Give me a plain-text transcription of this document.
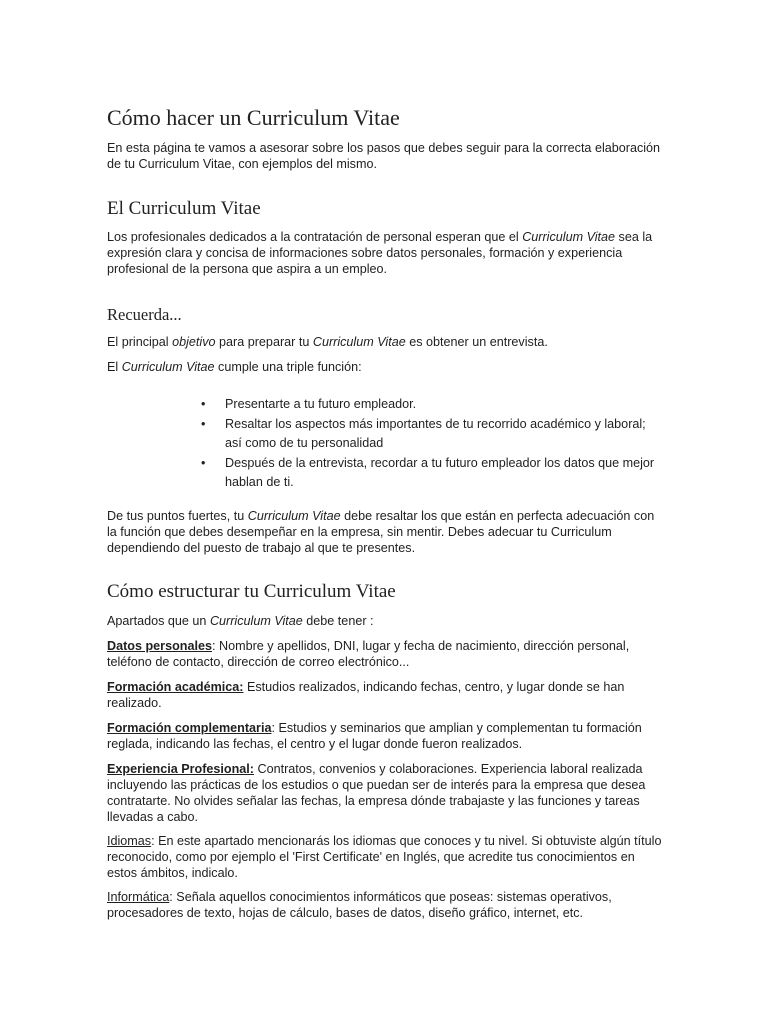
Cómo hacer un Curriculum Vitae

En esta página te vamos a asesorar sobre los pasos que debes seguir para la correcta elaboración de tu Curriculum Vitae, con ejemplos del mismo.

El Curriculum Vitae

Los profesionales dedicados a la contratación de personal esperan que el Curriculum Vitae sea la expresión clara y concisa de informaciones sobre datos personales, formación y experiencia profesional de la persona que aspira a un empleo.

Recuerda...

El principal objetivo para preparar tu Curriculum Vitae es obtener un entrevista.

El Curriculum Vitae cumple una triple función:

• Presentarte a tu futuro empleador.
• Resaltar los aspectos más importantes de tu recorrido académico y laboral; así como de tu personalidad
• Después de la entrevista, recordar a tu futuro empleador los datos que mejor hablan de ti.

De tus puntos fuertes, tu Curriculum Vitae debe resaltar los que están en perfecta adecuación con la función que debes desempeñar en la empresa, sin mentir. Debes adecuar tu Curriculum dependiendo del puesto de trabajo al que te presentes.

Cómo estructurar tu Curriculum Vitae

Apartados que un Curriculum Vitae debe tener :

Datos personales: Nombre y apellidos, DNI, lugar y fecha de nacimiento, dirección personal, teléfono de contacto, dirección de correo electrónico...

Formación académica: Estudios realizados, indicando fechas, centro, y lugar donde se han realizado.

Formación complementaria: Estudios y seminarios que amplian y complementan tu formación reglada, indicando las fechas, el centro y el lugar donde fueron realizados.

Experiencia Profesional: Contratos, convenios y colaboraciones. Experiencia laboral realizada incluyendo las prácticas de los estudios o que puedan ser de interés para la empresa que desea contratarte. No olvides señalar las fechas, la empresa dónde trabajaste y las funciones y tareas llevadas a cabo.

Idiomas: En este apartado mencionarás los idiomas que conoces y tu nivel. Si obtuviste algún título reconocido, como por ejemplo el 'First Certificate' en Inglés, que acredite tus conocimientos en estos ámbitos, indicalo.

Informática: Señala aquellos conocimientos informáticos que poseas: sistemas operativos, procesadores de texto, hojas de cálculo, bases de datos, diseño gráfico, internet, etc.
